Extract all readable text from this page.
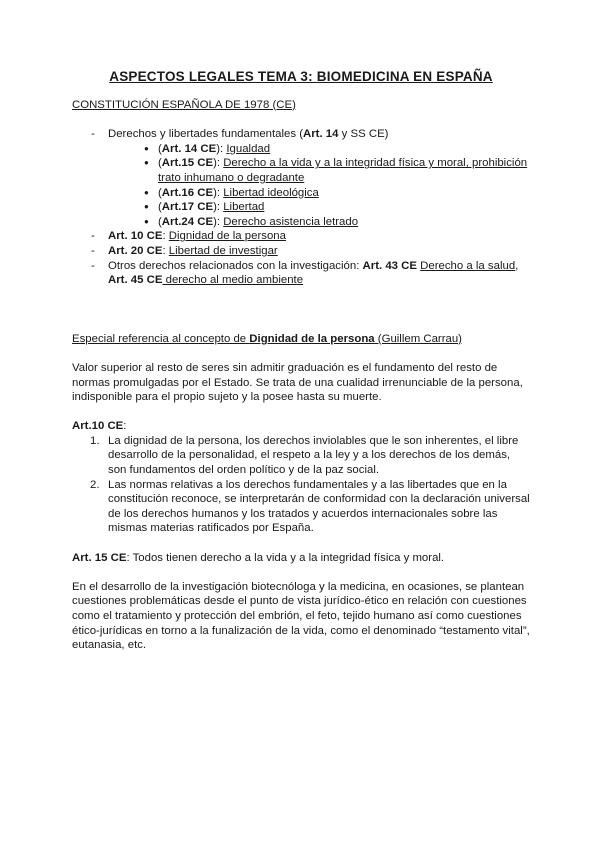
ASPECTOS LEGALES TEMA 3: BIOMEDICINA EN ESPAÑA
CONSTITUCIÓN ESPAÑOLA DE 1978 (CE)
- Derechos y libertades fundamentales (Art. 14 y SS CE)
● (Art. 14 CE): Igualdad
● (Art.15 CE): Derecho a la vida y a la integridad física y moral, prohibición trato inhumano o degradante
● (Art.16 CE): Libertad ideológica
● (Art.17 CE): Libertad
● (Art.24 CE): Derecho asistencia letrado
- Art. 10 CE: Dignidad de la persona
- Art. 20 CE: Libertad de investigar
- Otros derechos relacionados con la investigación: Art. 43 CE Derecho a la salud,
Art. 45 CE derecho al medio ambiente

Especial referencia al concepto de Dignidad de la persona (Guillem Carrau)

Valor superior al resto de seres sin admitir graduación es el fundamento del resto de normas promulgadas por el Estado. Se trata de una cualidad irrenunciable de la persona, indisponible para el propio sujeto y la posee hasta su muerte.

Art.10 CE:

1. La dignidad de la persona, los derechos inviolables que le son inherentes, el libre desarrollo de la personalidad, el respeto a la ley y a los derechos de los demás, son fundamentos del orden político y de la paz social.
2. Las normas relativas a los derechos fundamentales y a las libertades que en la constitución reconoce, se interpretarán de conformidad con la declaración universal de los derechos humanos y los tratados y acuerdos internacionales sobre las mismas materias ratificados por España.

Art. 15 CE: Todos tienen derecho a la vida y a la integridad física y moral.

En el desarrollo de la investigación biotecnóloga y la medicina, en ocasiones, se plantean cuestiones problemáticas desde el punto de vista jurídico-ético en relación con cuestiones como el tratamiento y protección del embrión, el feto, tejido humano así como cuestiones ético-jurídicas en torno a la funalización de la vida, como el denominado “testamento vital”, eutanasia, etc.
